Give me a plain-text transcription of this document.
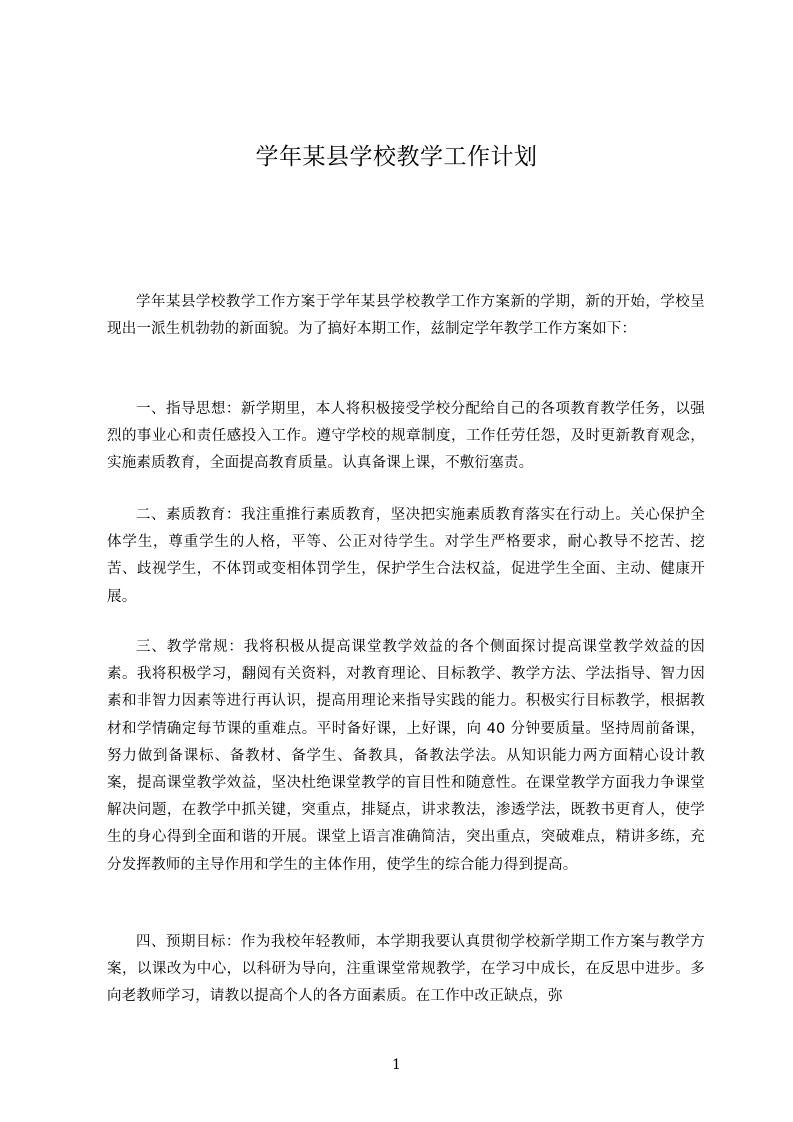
学年某县学校教学工作计划

学年某县学校教学工作方案于学年某县学校教学工作方案新的学期，新的开始，学校呈现出一派生机勃勃的新面貌。为了搞好本期工作，兹制定学年教学工作方案如下：

一、指导思想：新学期里，本人将积极接受学校分配给自己的各项教育教学任务，以强烈的事业心和责任感投入工作。遵守学校的规章制度，工作任劳任怨，及时更新教育观念，实施素质教育，全面提高教育质量。认真备课上课，不敷衍塞责。

二、素质教育：我注重推行素质教育，坚决把实施素质教育落实在行动上。关心保护全体学生，尊重学生的人格，平等、公正对待学生。对学生严格要求，耐心教导不挖苦、挖苦、歧视学生，不体罚或变相体罚学生，保护学生合法权益，促进学生全面、主动、健康开展。

三、教学常规：我将积极从提高课堂教学效益的各个侧面探讨提高课堂教学效益的因素。我将积极学习，翻阅有关资料，对教育理论、目标教学、教学方法、学法指导、智力因素和非智力因素等进行再认识，提高用理论来指导实践的能力。积极实行目标教学，根据教材和学情确定每节课的重难点。平时备好课，上好课，向 40 分钟要质量。坚持周前备课，努力做到备课标、备教材、备学生、备教具，备教法学法。从知识能力两方面精心设计教案，提高课堂教学效益，坚决杜绝课堂教学的盲目性和随意性。在课堂教学方面我力争课堂解决问题，在教学中抓关键，突重点，排疑点，讲求教法，渗透学法，既教书更育人，使学生的身心得到全面和谐的开展。课堂上语言准确简洁，突出重点，突破难点，精讲多练，充分发挥教师的主导作用和学生的主体作用，使学生的综合能力得到提高。

四、预期目标：作为我校年轻教师，本学期我要认真贯彻学校新学期工作方案与教学方案，以课改为中心，以科研为导向，注重课堂常规教学，在学习中成长，在反思中进步。多向老教师学习，请教以提高个人的各方面素质。在工作中改正缺点，弥

1
